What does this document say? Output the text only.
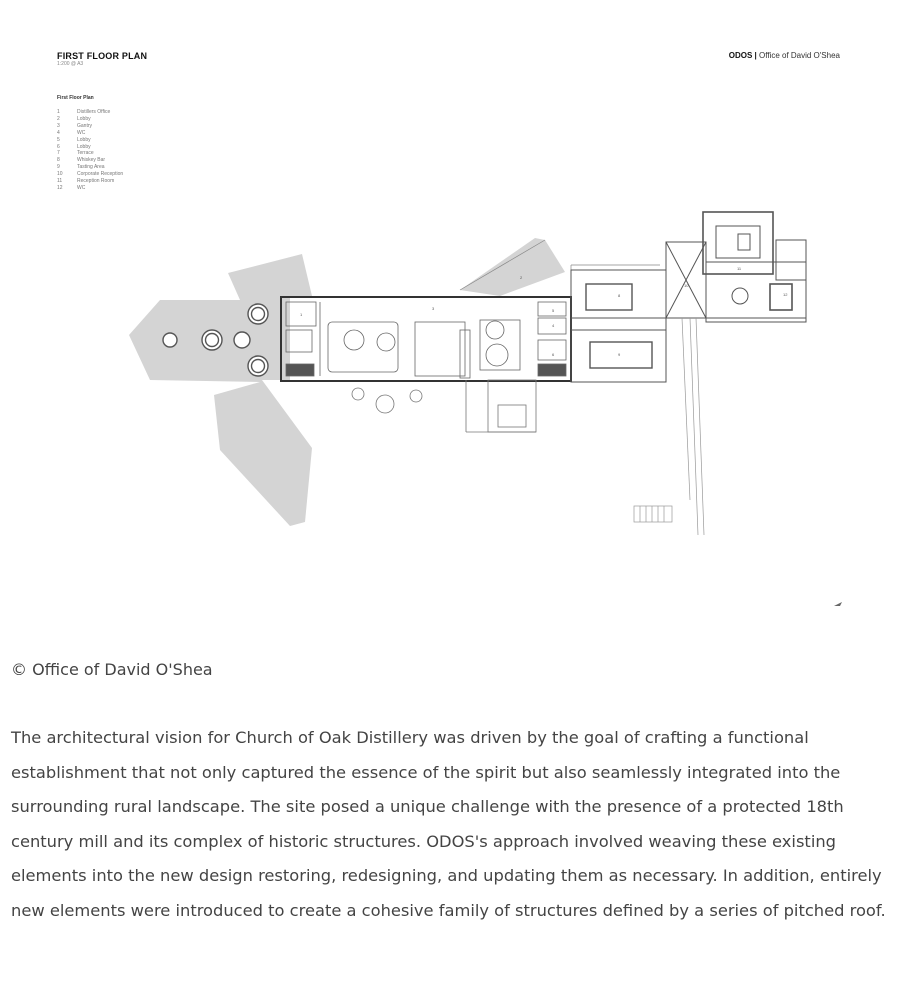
FIRST FLOOR PLAN
1:200 @ A3
ODOS | Office of David O'Shea
First Floor Plan
1	Distillers Office
2	Lobby
3	Gantry
4	WC
5	Lobby
6	Lobby
7	Terrace
8	Whiskey Bar
9	Tasting Area
10	Corporate Reception
11	Reception Room
12	WC
1
2
3
4
5
6
8
9
10
11
12
© Office of David O'Shea

The architectural vision for Church of Oak Distillery was driven by the goal of crafting a functional establishment that not only captured the essence of the spirit but also seamlessly integrated into the surrounding rural landscape. The site posed a unique challenge with the presence of a protected 18th century mill and its complex of historic structures. ODOS's approach involved weaving these existing elements into the new design restoring, redesigning, and updating them as necessary. In addition, entirely new elements were introduced to create a cohesive family of structures defined by a series of pitched roof.
